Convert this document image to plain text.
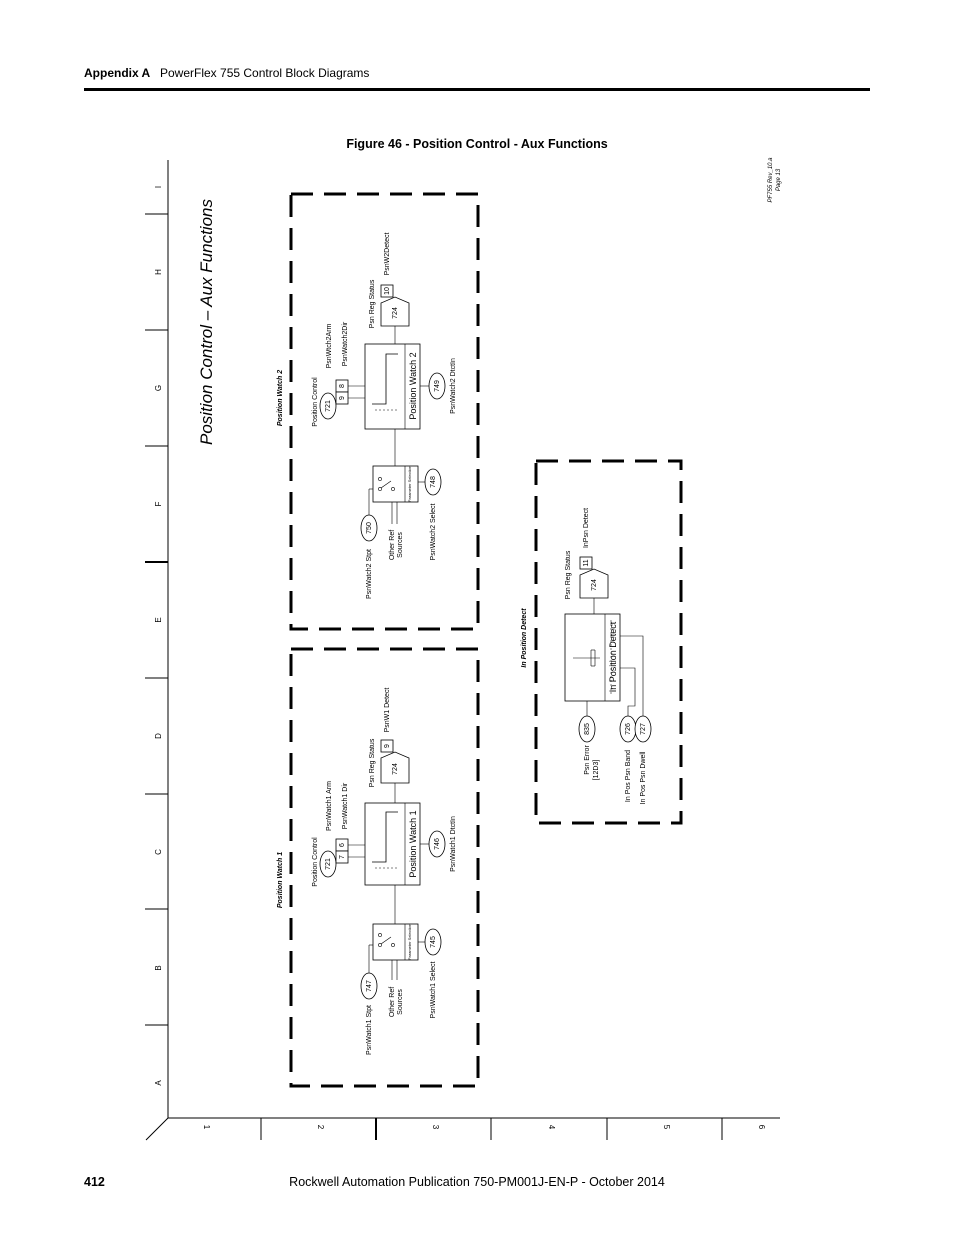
Appendix A PowerFlex 755 Control Block Diagrams
Figure 46 - Position Control - Aux Functions
A
B
C
D
E
F
G
H
I
1	2	3	4	5	6
Position Control – Aux Functions
PF755 Rev_10.a Page 13
Position Watch 1
747
PsnWatch1 Stpt
Other Ref Sources
Parameter Selection	745
PsnWatch1 Select
Position Watch 1
721
Position Control	6
7
PsnWatch1 Arm PsnWatch1 Dir
746 PsnWatch1 DtctIn
724
9
Psn Reg Status
PsnW1 Detect
Position Watch 2
750
PsnWatch2 Stpt
Other Ref Sources
Parameter Selection	748
PsnWatch2 Select
Position Watch 2
721
Position Control	8
9
PsnWtch2Arm PsnWatch2Dir
749 PsnWatch2 DtctIn
724
10
Psn Reg Status
PsnW2Detect
In Position Detect	In Position Detect
835
Psn Error [12D3]
726
In Pos Psn Band
727
In Pos Psn Dwell
724
11
Psn Reg Status
InPsn Detect
412	Rockwell Automation Publication 750-PM001J-EN-P - October 2014
